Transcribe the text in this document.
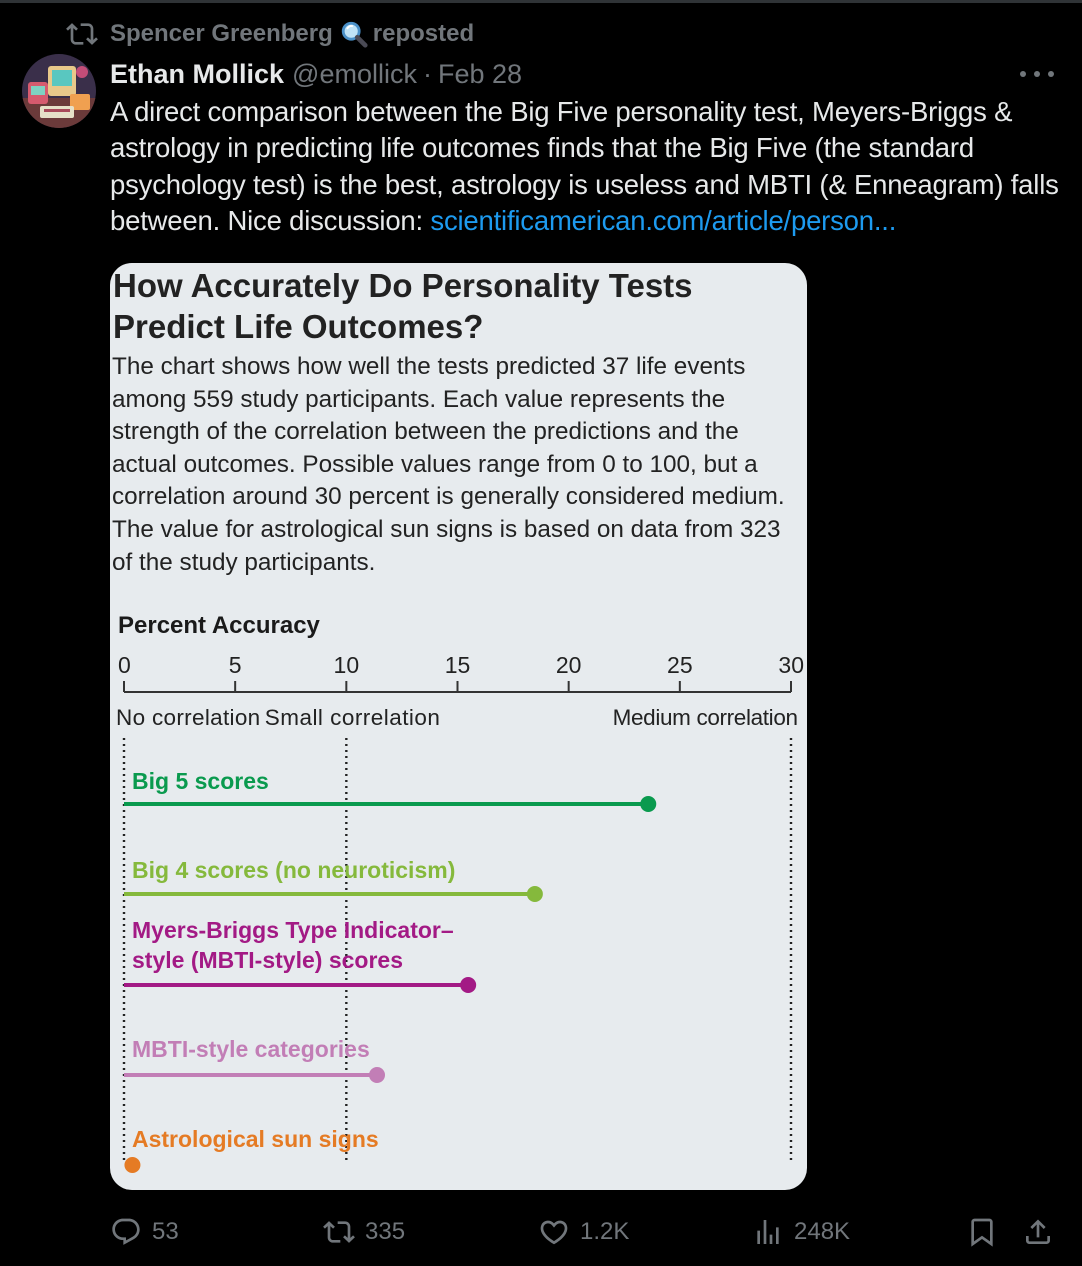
Spencer Greenberg reposted
Ethan Mollick @emollick · Feb 28
A direct comparison between the Big Five personality test, Meyers-Briggs & astrology in predicting life outcomes finds that the Big Five (the standard psychology test) is the best, astrology is useless and MBTI (& Enneagram) falls between. Nice discussion: scientificamerican.com/article/person...
How Accurately Do Personality Tests Predict Life Outcomes?

The chart shows how well the tests predicted 37 life events among 559 study participants. Each value represents the strength of the correlation between the predictions and the actual outcomes. Possible values range from 0 to 100, but a correlation around 30 percent is generally considered medium. The value for astrological sun signs is based on data from 323 of the study participants.

Percent Accuracy
0	5	10	15	20	25	30
No correlation Small correlation	Medium correlation
Big 5 scores
Big 4 scores (no neuroticism)
Myers-Briggs Type Indicator–
style (MBTI-style) scores
MBTI-style categories
Astrological sun signs
53	335	1.2K	248K
